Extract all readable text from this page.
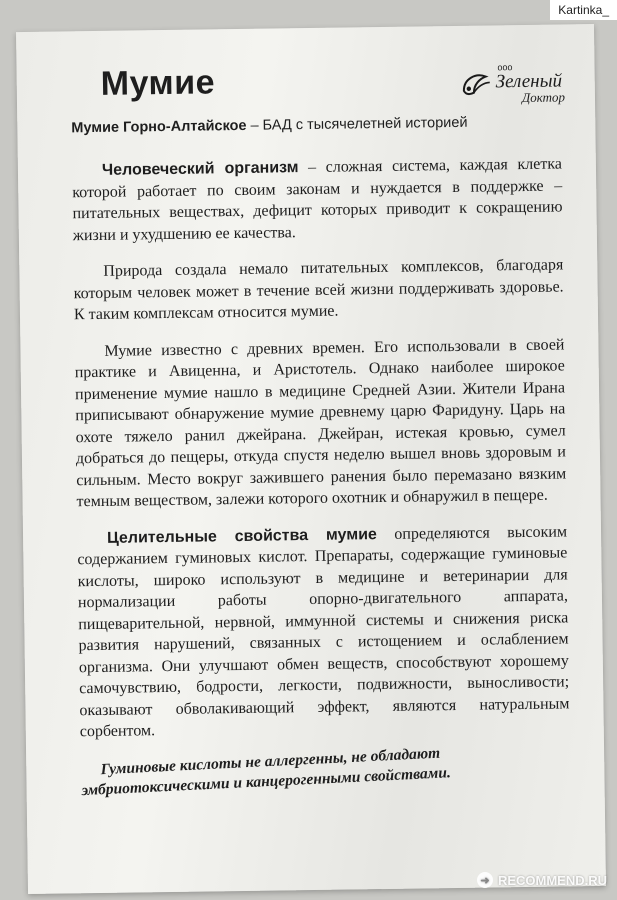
Kartinka_
Мумие	ооо
Зеленый
Доктор
Мумие Горно-Алтайское – БАД с тысячелетней историей

Человеческий организм – сложная система, каждая клетка которой работает по своим законам и нуждается в поддержке – питательных веществах, дефицит которых приводит к сокращению жизни и ухудшению ее качества.

Природа создала немало питательных комплексов, благодаря которым человек может в течение всей жизни поддерживать здоровье. К таким комплексам относится мумие.

Мумие известно с древних времен. Его использовали в своей практике и Авиценна, и Аристотель. Однако наиболее широкое применение мумие нашло в медицине Средней Азии. Жители Ирана приписывают обнаружение мумие древнему царю Фаридуну. Царь на охоте тяжело ранил джейрана. Джейран, истекая кровью, сумел добраться до пещеры, откуда спустя неделю вышел вновь здоровым и сильным. Место вокруг зажившего ранения было перемазано вязким темным веществом, залежи которого охотник и обнаружил в пещере.

Целительные свойства мумие определяются высоким содержанием гуминовых кислот. Препараты, содержащие гуминовые кислоты, широко используют в медицине и ветеринарии для нормализации работы опорно-двигательного аппарата, пищеварительной, нервной, иммунной системы и снижения риска развития нарушений, связанных с истощением и ослаблением организма. Они улучшают обмен веществ, способствуют хорошему самочувствию, бодрости, легкости, подвижности, выносливости; оказывают обволакивающий эффект, являются натуральным сорбентом.

Гуминовые кислоты не аллергенны, не обладают эмбриотоксическими и канцерогенными свойствами.

➜ RECOMMEND.RU
